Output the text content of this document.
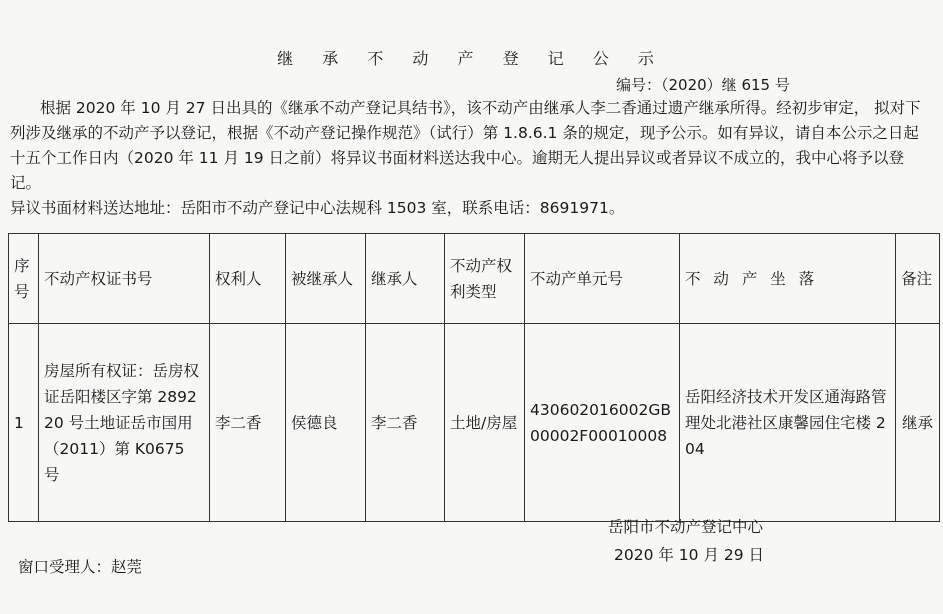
继 承 不 动 产 登 记 公 示
编号：（2020）继 615 号

根据 2020 年 10 月 27 日出具的《继承不动产登记具结书》，该不动产由继承人李二香通过遗产继承所得。经初步审定， 拟对下列涉及继承的不动产予以登记，根据《不动产登记操作规范》（试行）第 1.8.6.1 条的规定，现予公示。如有异议，请自本公示之日起十五个工作日内（2020 年 11 月 19 日之前）将异议书面材料送达我中心。逾期无人提出异议或者异议不成立的，我中心将予以登记。

异议书面材料送达地址：岳阳市不动产登记中心法规科 1503 室，联系电话：8691971。

序号	不动产权证书号	权利人	被继承人	继承人	不动产权利类型	不动产单元号	不 动 产 坐 落	备注
1	房屋所有权证：岳房权证岳阳楼区字第 289220 号土地证岳市国用（2011）第 K0675 号	李二香	侯德良	李二香	土地/房屋	430602016002GB00002F00010008	岳阳经济技术开发区通海路管理处北港社区康馨园住宅楼 204	继承
岳阳市不动产登记中心
2020 年 10 月 29 日
窗口受理人：赵莞
